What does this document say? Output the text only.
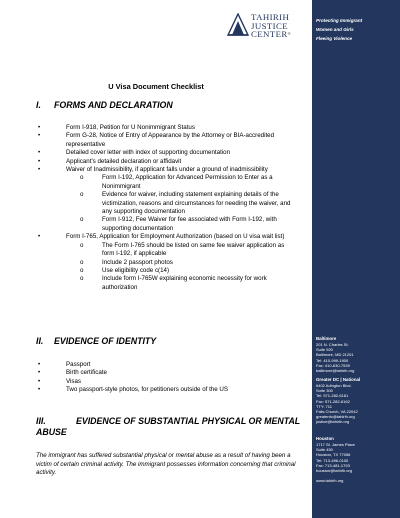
Protecting Immigrant
Women and Girls
Fleeing Violence
Baltimore
201 N. Charles St.
Suite 920
Baltimore, MD 21201
Tel: 410-999-1900
Fax: 410-630-7539
baltimore@tahirih.org
Greater DC | National
6402 Arlington Blvd.
Suite 300
Tel: 571-282-6161
Fax: 571-282-6162
TTY: 711
Falls Church, VA 22042
greaterdc@tahirih.org
justice@tahirih.org
Houston
1717 St. James Place
Suite 450
Houston, TX 77056
Tel: 713-496-0100
Fax: 713-481-1793
houston@tahirih.org
www.tahirih.org
TAHIRIH
JUSTICE
CENTER®
U Visa Document Checklist
I. FORMS AND DECLARATION
•	Form I-918, Petition for U Nonimmigrant Status
•	Form G-28, Notice of Entry of Appearance by the Attorney or BIA-accredited representative
•	Detailed cover letter with index of supporting documentation
•	Applicant's detailed declaration or affidavit
•	Waiver of Inadmissibility, if applicant falls under a ground of inadmissibility
o	Form I-192, Application for Advanced Permission to Enter as a Nonimmigrant
o	Evidence for waiver, including statement explaining details of the victimization, reasons and circumstances for needing the waiver, and any supporting documentation
o	Form I-912, Fee Waiver for fee associated with Form I-192, with supporting documentation
•	Form I-765, Application for Employment Authorization (based on U visa wait list)
o	The Form I-765 should be listed on same fee waiver application as form I-192, if applicable
o	Include 2 passport photos
o	Use eligibility code c(14)
o	Include form I-765W explaining economic necessity for work authorization
II. EVIDENCE OF IDENTITY
•	Passport
•	Birth certificate
•	Visas
•	Two passport-style photos, for petitioners outside of the US
III.	EVIDENCE OF SUBSTANTIAL PHYSICAL OR MENTAL ABUSE
The immigrant has suffered substantial physical or mental abuse as a result of having been a victim of certain criminal activity. The immigrant possesses information concerning that criminal activity.
